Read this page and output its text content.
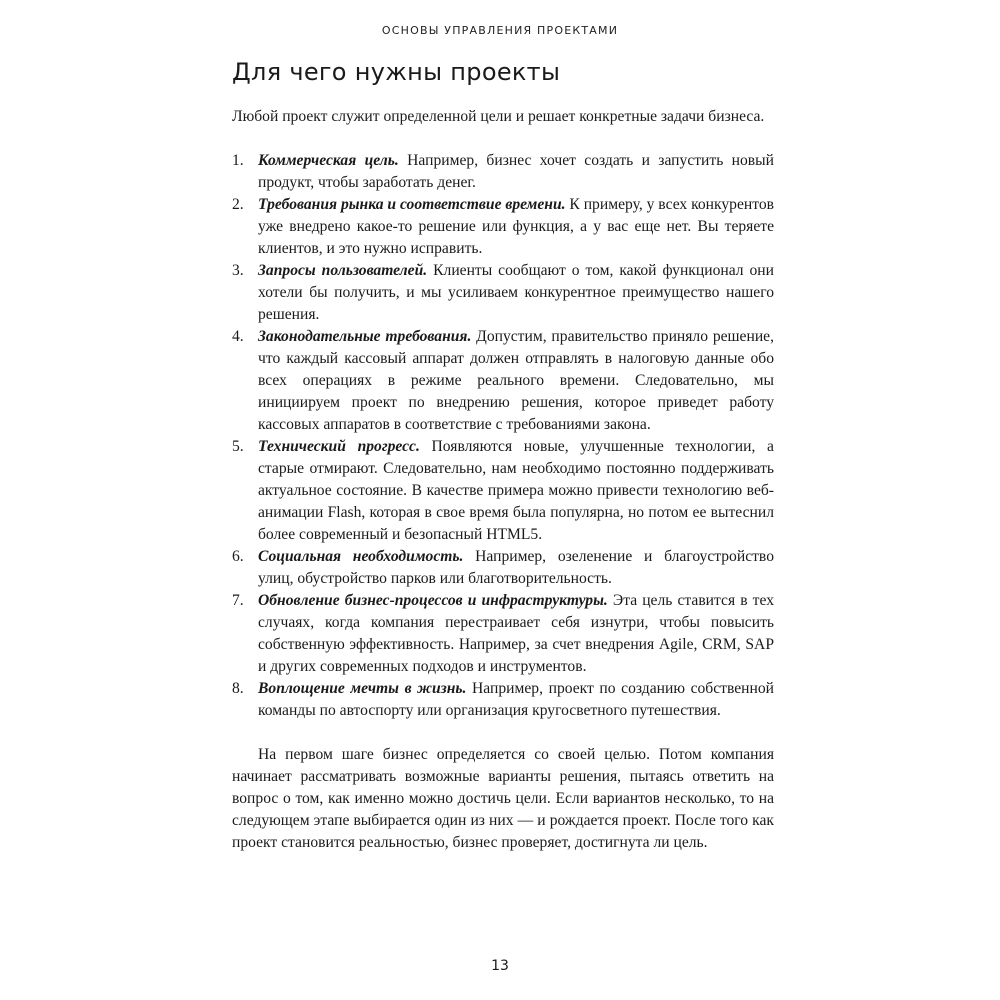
ОСНОВЫ УПРАВЛЕНИЯ ПРОЕКТАМИ
Для чего нужны проекты

Любой проект служит определенной цели и решает конкретные задачи бизнеса.

1. Коммерческая цель. Например, бизнес хочет создать и запустить новый продукт, чтобы заработать денег.
2. Требования рынка и соответствие времени. К примеру, у всех конкурентов уже внедрено какое-то решение или функция, а у вас еще нет. Вы теряете клиентов, и это нужно исправить.
3. Запросы пользователей. Клиенты сообщают о том, какой функционал они хотели бы получить, и мы усиливаем конкурентное преимущество нашего решения.
4. Законодательные требования. Допустим, правительство приняло решение, что каждый кассовый аппарат должен отправлять в налоговую данные обо всех операциях в режиме реального времени. Следовательно, мы инициируем проект по внедрению решения, которое приведет работу кассовых аппаратов в соответствие с требованиями закона.
5. Технический прогресс. Появляются новые, улучшенные технологии, а старые отмирают. Следовательно, нам необходимо постоянно поддерживать актуальное состояние. В качестве примера можно привести технологию веб-анимации Flash, которая в свое время была популярна, но потом ее вытеснил более современный и безопасный HTML5.
6. Социальная необходимость. Например, озеленение и благоустройство улиц, обустройство парков или благотворительность.
7. Обновление бизнес-процессов и инфраструктуры. Эта цель ставится в тех случаях, когда компания перестраивает себя изнутри, чтобы повысить собственную эффективность. Например, за счет внедрения Agile, CRM, SAP и других современных подходов и инструментов.
8. Воплощение мечты в жизнь. Например, проект по созданию собственной команды по автоспорту или организация кругосветного путешествия.

На первом шаге бизнес определяется со своей целью. Потом компания начинает рассматривать возможные варианты решения, пытаясь ответить на вопрос о том, как именно можно достичь цели. Если вариантов несколько, то на следующем этапе выбирается один из них — и рождается проект. После того как проект становится реальностью, бизнес проверяет, достигнута ли цель.

13
